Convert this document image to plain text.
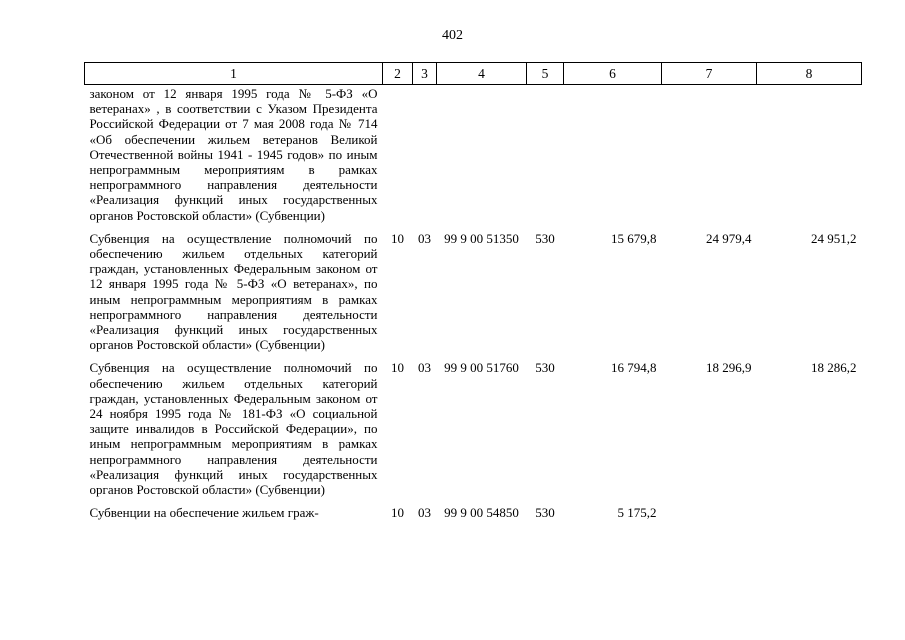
402
1	2	3	4	5	6	7	8
законом от 12 января 1995 года № 5-ФЗ «О ветеранах» , в соответствии с Указом Президента Российской Федерации от 7 мая 2008 года № 714 «Об обеспечении жильем ветеранов Великой Отечественной войны 1941 - 1945 годов» по иным непрограммным мероприятиям в рамках непрограммного направления деятельности «Реализация функций иных государственных органов Ростовской области» (Субвенции)							
Субвенция на осуществление полномочий по обеспечению жильем отдельных категорий граждан, установленных Федеральным законом от 12 января 1995 года № 5-ФЗ «О ветеранах», по иным непрограммным мероприятиям в рамках непрограммного направления деятельности «Реализация функций иных государственных органов Ростовской области» (Субвенции)	10	03	99 9 00 51350	530	15 679,8	24 979,4	24 951,2
Субвенция на осуществление полномочий по обеспечению жильем отдельных категорий граждан, установленных Федеральным законом от 24 ноября 1995 года № 181-ФЗ «О социальной защите инвалидов в Российской Федерации», по иным непрограммным мероприятиям в рамках непрограммного направления деятельности «Реализация функций иных государственных органов Ростовской области» (Субвенции)	10	03	99 9 00 51760	530	16 794,8	18 296,9	18 286,2
Субвенции на обеспечение жильем граж-	10	03	99 9 00 54850	530	5 175,2		
